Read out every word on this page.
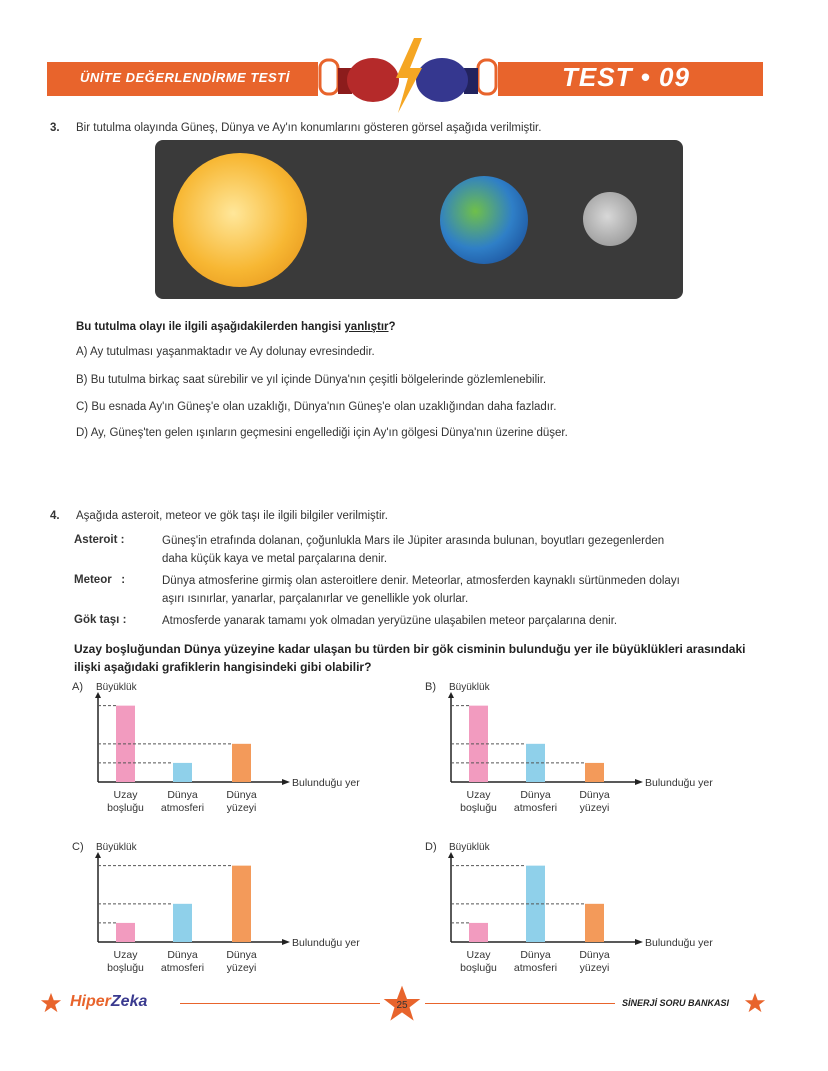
ÜNİTE DEĞERLENDİRME TESTİ	TEST • 09
3. Bir tutulma olayında Güneş, Dünya ve Ay'ın konumlarını gösteren görsel aşağıda verilmiştir.
Bu tutulma olayı ile ilgili aşağıdakilerden hangisi yanlıştır?
A) Ay tutulması yaşanmaktadır ve Ay dolunay evresindedir.
B) Bu tutulma birkaç saat sürebilir ve yıl içinde Dünya'nın çeşitli bölgelerinde gözlemlenebilir.
C) Bu esnada Ay'ın Güneş'e olan uzaklığı, Dünya'nın Güneş'e olan uzaklığından daha fazladır.
D) Ay, Güneş'ten gelen ışınların geçmesini engellediği için Ay'ın gölgesi Dünya'nın üzerine düşer.
4. Aşağıda asteroit, meteor ve gök taşı ile ilgili bilgiler verilmiştir.
Asteroit :	Güneş'in etrafında dolanan, çoğunlukla Mars ile Jüpiter arasında bulunan, boyutları gezegenlerden
daha küçük kaya ve metal parçalarına denir.
Meteor   :	Dünya atmosferine girmiş olan asteroitlere denir. Meteorlar, atmosferden kaynaklı sürtünmeden dolayı
aşırı ısınırlar, yanarlar, parçalanırlar ve genellikle yok olurlar.
Gök taşı :	Atmosferde yanarak tamamı yok olmadan yeryüzüne ulaşabilen meteor parçalarına denir.
Uzay boşluğundan Dünya yüzeyine kadar ulaşan bu türden bir gök cisminin bulunduğu yer ile büyüklükleri arasındaki ilişki aşağıdaki grafiklerin hangisindeki gibi olabilir?
A) Büyüklük
Bulunduğu yer
Uzay
boşluğu
Dünya
atmosferi
Dünya
yüzeyi
B) Büyüklük
Bulunduğu yer
Uzay
boşluğu
Dünya
atmosferi
Dünya
yüzeyi
C) Büyüklük
Bulunduğu yer
Uzay
boşluğu
Dünya
atmosferi
Dünya
yüzeyi
D) Büyüklük
Bulunduğu yer
Uzay
boşluğu
Dünya
atmosferi
Dünya
yüzeyi
HiperZeka	25	SİNERJİ SORU BANKASI
